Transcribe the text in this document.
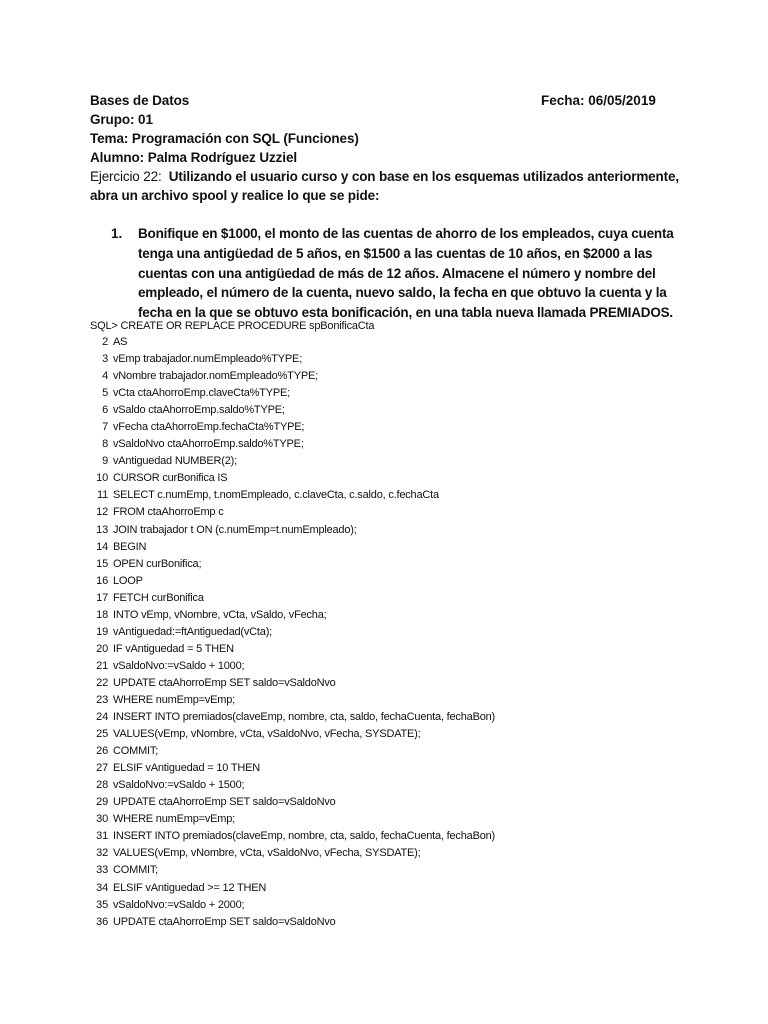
Bases de Datos	Fecha: 06/05/2019
Grupo: 01
Tema: Programación con SQL (Funciones)
Alumno: Palma Rodríguez Uzziel
Ejercicio 22: Utilizando el usuario curso y con base en los esquemas utilizados anteriormente, abra un archivo spool y realice lo que se pide:
1. Bonifique en $1000, el monto de las cuentas de ahorro de los empleados, cuya cuenta tenga una antigüedad de 5 años, en $1500 a las cuentas de 10 años, en $2000 a las cuentas con una antigüedad de más de 12 años. Almacene el número y nombre del empleado, el número de la cuenta, nuevo saldo, la fecha en que obtuvo la cuenta y la fecha en la que se obtuvo esta bonificación, en una tabla nueva llamada PREMIADOS.
SQL> CREATE OR REPLACE PROCEDURE spBonificaCta
2 AS
3 vEmp trabajador.numEmpleado%TYPE;
4 vNombre trabajador.nomEmpleado%TYPE;
5 vCta ctaAhorroEmp.claveCta%TYPE;
6 vSaldo ctaAhorroEmp.saldo%TYPE;
7 vFecha ctaAhorroEmp.fechaCta%TYPE;
8 vSaldoNvo ctaAhorroEmp.saldo%TYPE;
9 vAntiguedad NUMBER(2);
10 CURSOR curBonifica IS
11 SELECT c.numEmp, t.nomEmpleado, c.claveCta, c.saldo, c.fechaCta
12 FROM ctaAhorroEmp c
13 JOIN trabajador t ON (c.numEmp=t.numEmpleado);
14 BEGIN
15 OPEN curBonifica;
16 LOOP
17 FETCH curBonifica
18 INTO vEmp, vNombre, vCta, vSaldo, vFecha;
19 vAntiguedad:=ftAntiguedad(vCta);
20 IF vAntiguedad = 5 THEN
21 vSaldoNvo:=vSaldo + 1000;
22 UPDATE ctaAhorroEmp SET saldo=vSaldoNvo
23 WHERE numEmp=vEmp;
24 INSERT INTO premiados(claveEmp, nombre, cta, saldo, fechaCuenta, fechaBon)
25 VALUES(vEmp, vNombre, vCta, vSaldoNvo, vFecha, SYSDATE);
26 COMMIT;
27 ELSIF vAntiguedad = 10 THEN
28 vSaldoNvo:=vSaldo + 1500;
29 UPDATE ctaAhorroEmp SET saldo=vSaldoNvo
30 WHERE numEmp=vEmp;
31 INSERT INTO premiados(claveEmp, nombre, cta, saldo, fechaCuenta, fechaBon)
32 VALUES(vEmp, vNombre, vCta, vSaldoNvo, vFecha, SYSDATE);
33 COMMIT;
34 ELSIF vAntiguedad >= 12 THEN
35 vSaldoNvo:=vSaldo + 2000;
36 UPDATE ctaAhorroEmp SET saldo=vSaldoNvo
